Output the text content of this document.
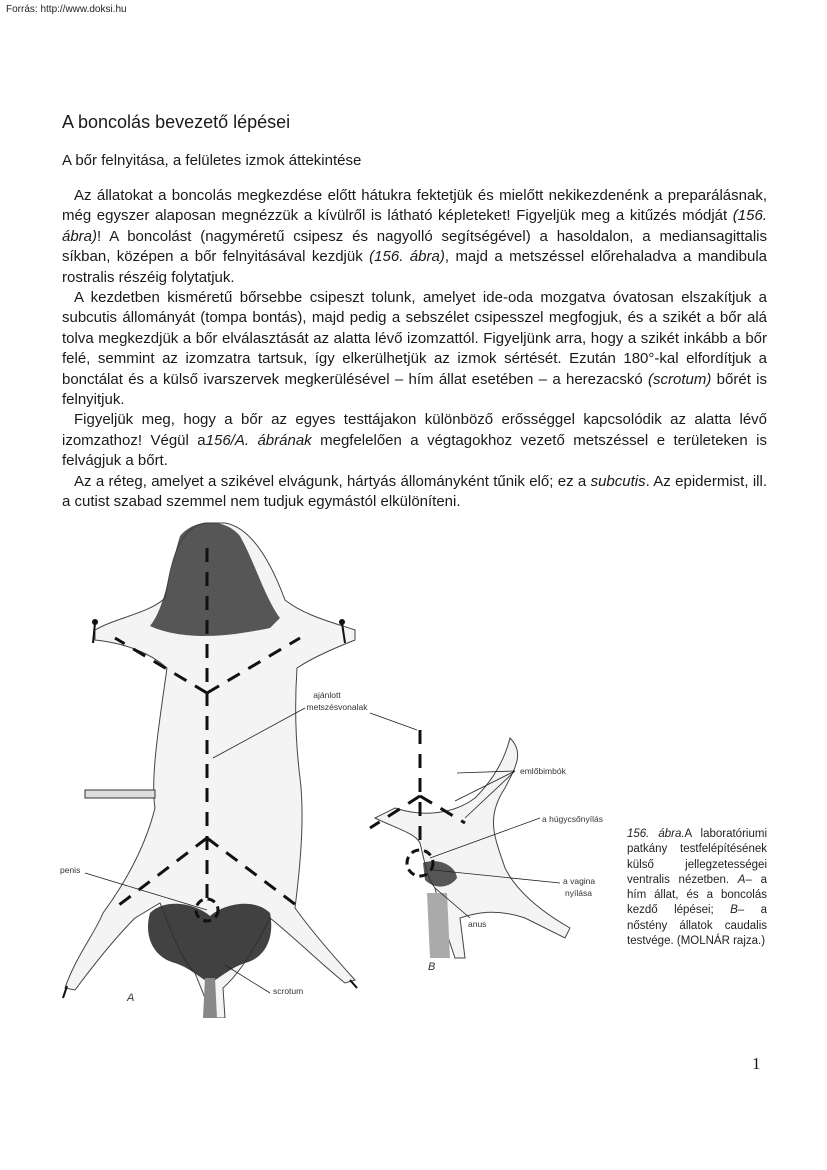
Forrás: http://www.doksi.hu
A boncolás bevezető lépései
A bőr felnyitása, a felületes izmok áttekintése

Az állatokat a boncolás megkezdése előtt hátukra fektetjük és mielőtt nekikezdenénk a preparálásnak, még egyszer alaposan megnézzük a kívülről is látható képleteket! Figyeljük meg a kitűzés módját (156. ábra)! A boncolást (nagyméretű csipesz és nagyolló segítségével) a hasoldalon, a mediansagittalis síkban, középen a bőr felnyitásával kezdjük (156. ábra), majd a metszéssel előrehaladva a mandibula rostralis részéig folytatjuk.

A kezdetben kisméretű bőrsebbe csipeszt tolunk, amelyet ide-oda mozgatva óvatosan elszakítjuk a subcutis állományát (tompa bontás), majd pedig a sebszélet csipesszel megfogjuk, és a szikét a bőr alá tolva megkezdjük a bőr elválasztását az alatta lévő izomzattól. Figyeljünk arra, hogy a szikét inkább a bőr felé, semmint az izomzatra tartsuk, így elkerülhetjük az izmok sértését. Ezután 180°-kal elfordítjuk a bonctálat és a külső ivarszervek megkerülésével – hím állat esetében – a herezacskó (scrotum) bőrét is felnyitjuk.

Figyeljük meg, hogy a bőr az egyes testtájakon különböző erősséggel kapcsolódik az alatta lévő izomzathoz! Végül a156/A. ábrának megfelelően a végtagokhoz vezető metszéssel e területeken is felvágjuk a bőrt.

Az a réteg, amelyet a szikével elvágunk, hártyás állományként tűnik elő; ez a subcutis. Az epidermist, ill. a cutist szabad szemmel nem tudjuk egymástól elkülöníteni.

ajánlott
metszésvonalak
emlőbimbók
a húgycsőnyílás
a vagina
nyílása
anus
penis
scrotum
A
B
156. ábra.A laboratóriumi patkány testfelépítésének külső jellegzetességei ventralis nézetben. A– a hím állat, és a boncolás kezdő lépései; B– a nőstény állatok caudalis testvége. (MOLNÁR rajza.)
1
